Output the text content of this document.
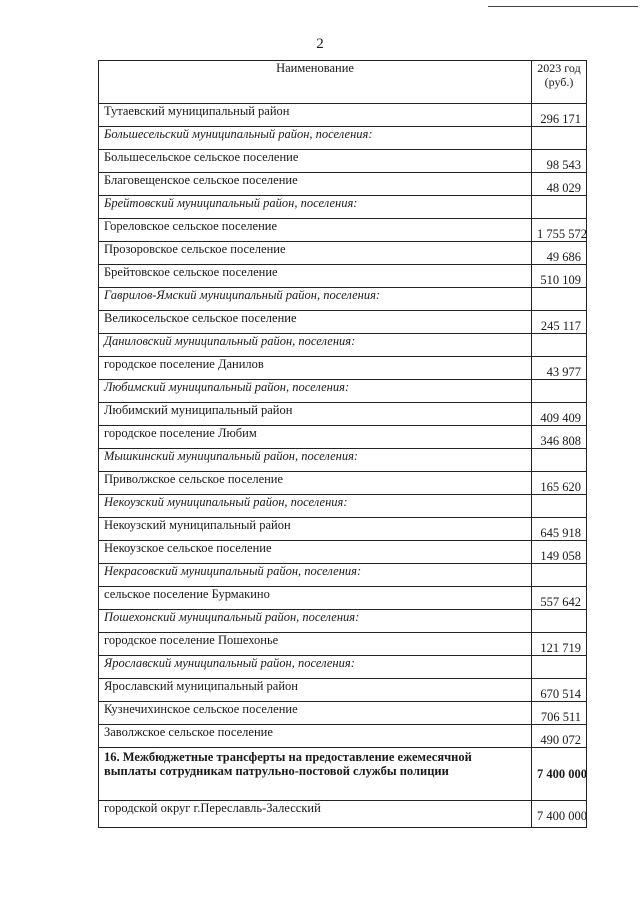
2
Наименование	2023 год (руб.)
Тутаевский муниципальный район	296 171
Большесельский муниципальный район, поселения:	
Большесельское сельское поселение	98 543
Благовещенское сельское поселение	48 029
Брейтовский муниципальный район, поселения:	
Гореловское сельское поселение	1 755 572
Прозоровское сельское поселение	49 686
Брейтовское сельское поселение	510 109
Гаврилов-Ямский муниципальный район, поселения:	
Великосельское сельское поселение	245 117
Даниловский муниципальный район, поселения:	
городское поселение Данилов	43 977
Любимский муниципальный район, поселения:	
Любимский муниципальный район	409 409
городское поселение Любим	346 808
Мышкинский муниципальный район, поселения:	
Приволжское сельское поселение	165 620
Некоузский муниципальный район, поселения:	
Некоузский муниципальный район	645 918
Некоузское сельское поселение	149 058
Некрасовский муниципальный район, поселения:	
сельское поселение Бурмакино	557 642
Пошехонский муниципальный район, поселения:	
городское поселение Пошехонье	121 719
Ярославский муниципальный район, поселения:	
Ярославский муниципальный район	670 514
Кузнечихинское сельское поселение	706 511
Заволжское сельское поселение	490 072
16. Межбюджетные трансферты на предоставление ежемесячной выплаты сотрудникам патрульно-постовой службы полиции	7 400 000
городской округ г.Переславль-Залесский	7 400 000
